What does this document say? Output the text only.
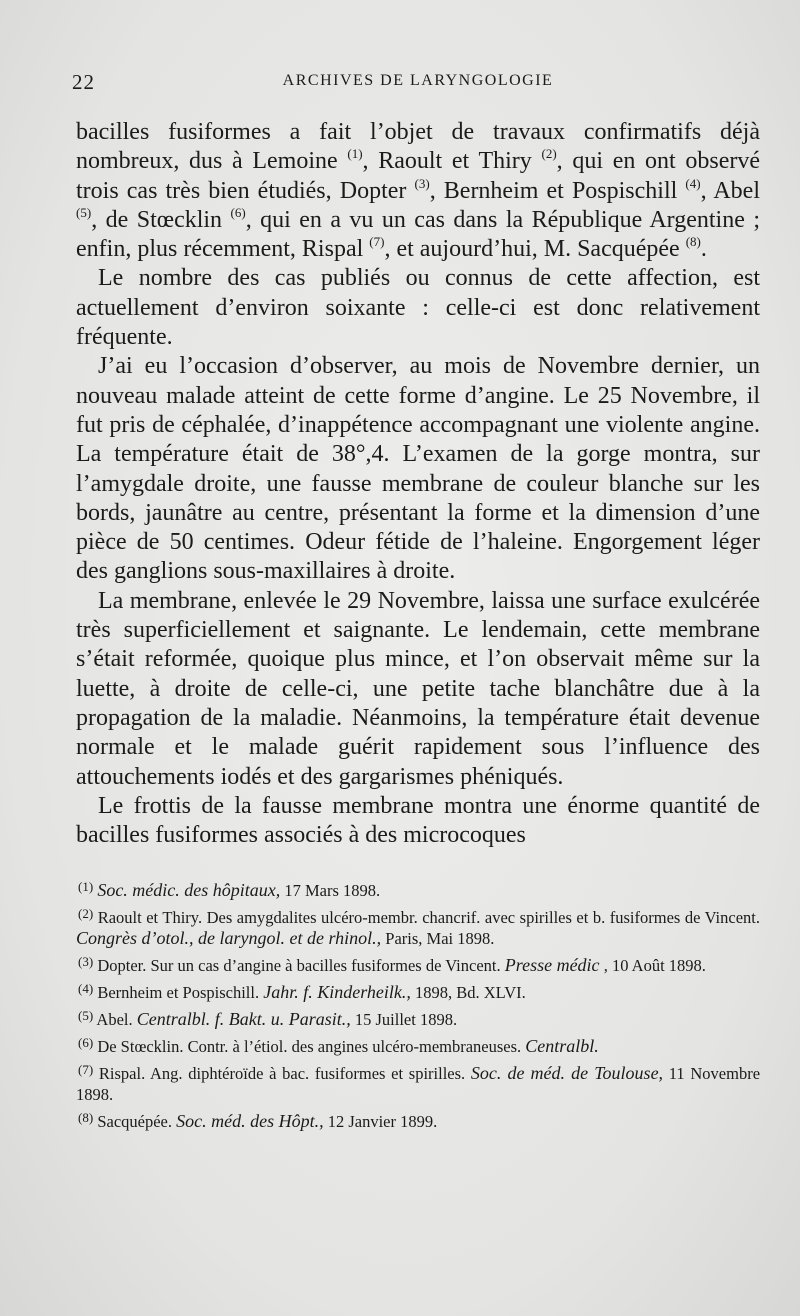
22	ARCHIVES DE LARYNGOLOGIE

bacilles fusiformes a fait l’objet de travaux confirmatifs déjà nombreux, dus à Lemoine $^{(1)}$, Raoult et Thiry $^{(2)}$, qui en ont observé trois cas très bien étudiés, Dopter $^{(3)}$, Bernheim et Pospischill $^{(4)}$, Abel $^{(5)}$, de Stœcklin $^{(6)}$, qui en a vu un cas dans la République Argentine ; enfin, plus récemment, Rispal $^{(7)}$, et aujourd’hui, M. Sacquépée $^{(8)}$.

Le nombre des cas publiés ou connus de cette affection, est actuellement d’environ soixante : celle-ci est donc relativement fréquente.

J’ai eu l’occasion d’observer, au mois de Novembre dernier, un nouveau malade atteint de cette forme d’angine. Le 25 Novembre, il fut pris de céphalée, d’inappétence accompagnant une violente angine. La température était de 38°,4. L’examen de la gorge montra, sur l’amygdale droite, une fausse membrane de couleur blanche sur les bords, jaunâtre au centre, présentant la forme et la dimension d’une pièce de 50 centimes. Odeur fétide de l’haleine. Engorgement léger des ganglions sous-maxillaires à droite.

La membrane, enlevée le 29 Novembre, laissa une surface exulcérée très superficiellement et saignante. Le lendemain, cette membrane s’était reformée, quoique plus mince, et l’on observait même sur la luette, à droite de celle-ci, une petite tache blanchâtre due à la propagation de la maladie. Néanmoins, la température était devenue normale et le malade guérit rapidement sous l’influence des attouchements iodés et des gargarismes phéniqués.

Le frottis de la fausse membrane montra une énorme quantité de bacilles fusiformes associés à des microcoques

$^{(1)}$ Soc. médic. des hôpitaux, 17 Mars 1898.

$^{(2)}$ Raoult et Thiry. Des amygdalites ulcéro-membr. chancrif. avec spirilles et b. fusiformes de Vincent. Congrès d’otol., de laryngol. et de rhinol., Paris, Mai 1898.

$^{(3)}$ Dopter. Sur un cas d’angine à bacilles fusiformes de Vincent. Presse médic , 10 Août 1898.

$^{(4)}$ Bernheim et Pospischill. Jahr. f. Kinderheilk., 1898, Bd. XLVI.

$^{(5)}$ Abel. Centralbl. f. Bakt. u. Parasit., 15 Juillet 1898.

$^{(6)}$ De Stœcklin. Contr. à l’étiol. des angines ulcéro-membraneuses. Centralbl.

$^{(7)}$ Rispal. Ang. diphtéroïde à bac. fusiformes et spirilles. Soc. de méd. de Toulouse, 11 Novembre 1898.

$^{(8)}$ Sacquépée. Soc. méd. des Hôpt., 12 Janvier 1899.
